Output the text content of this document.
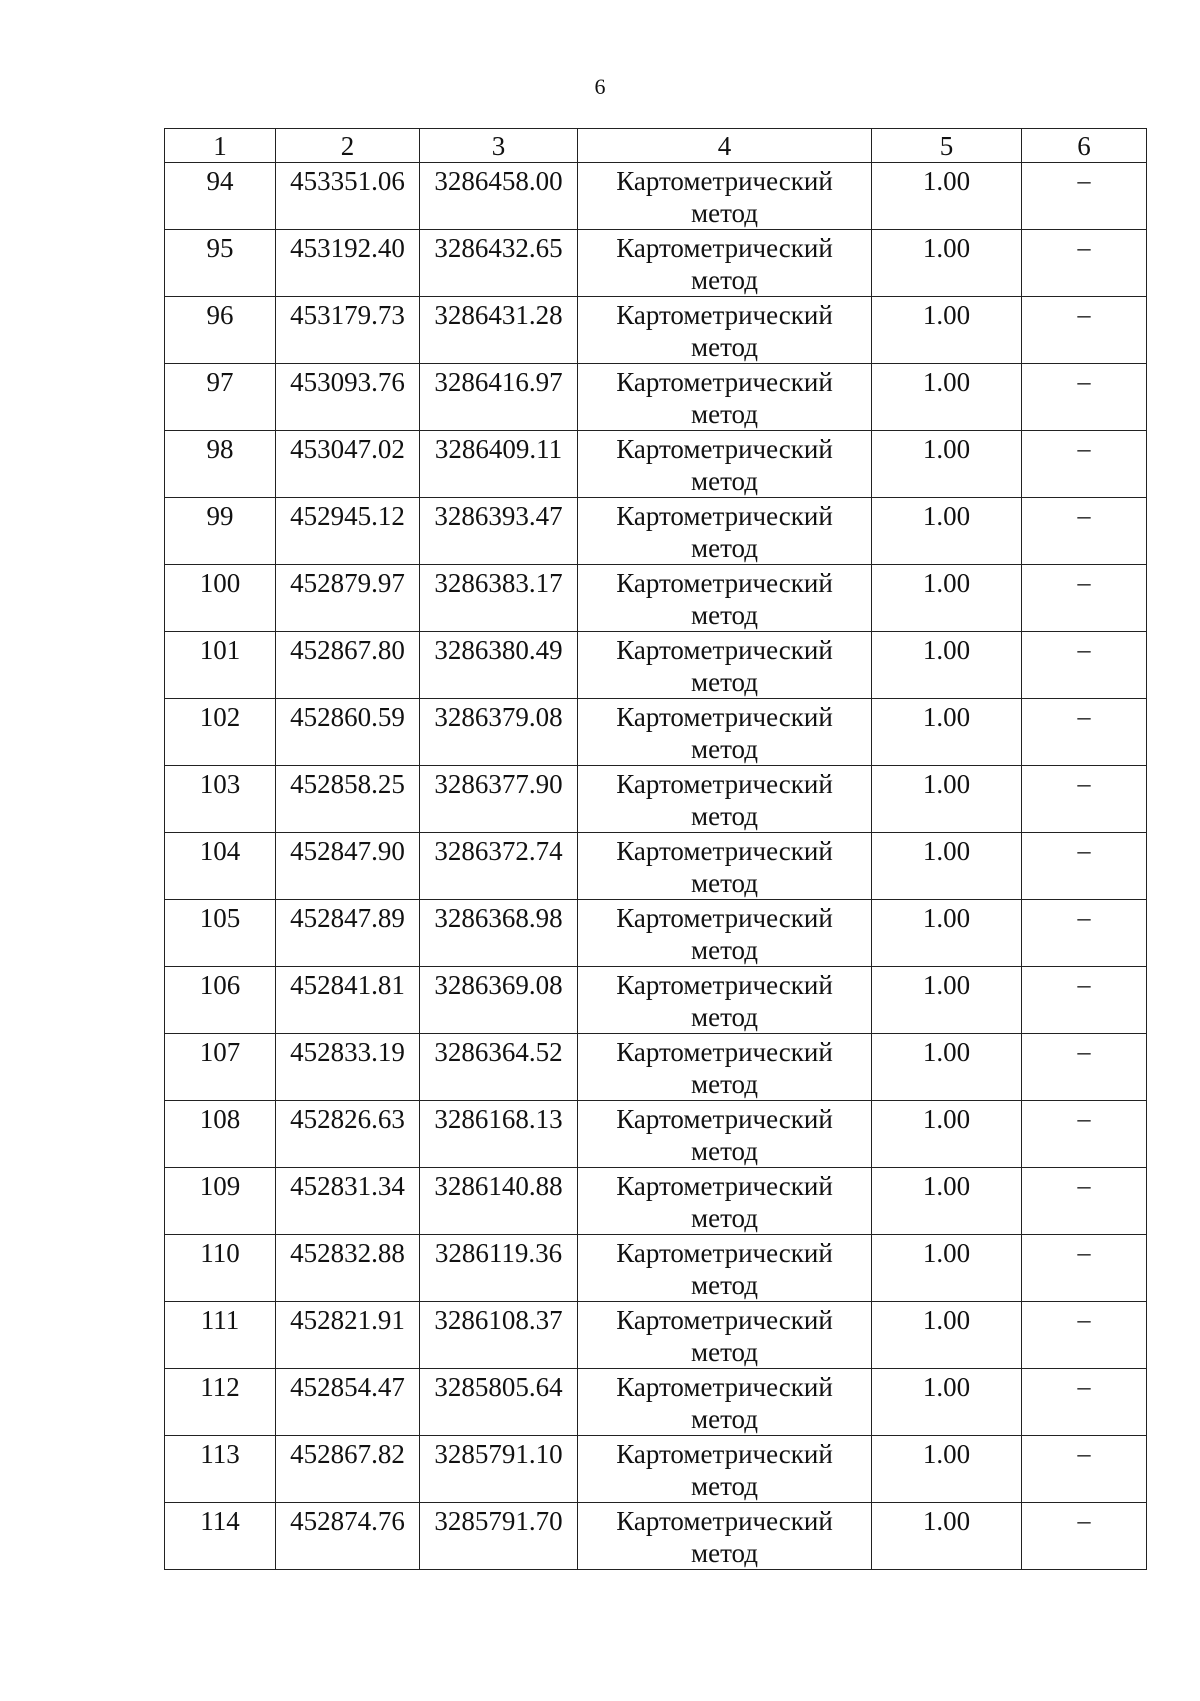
6
1	2	3	4	5	6
94	453351.06	3286458.00	Картометрический метод	1.00	–
95	453192.40	3286432.65	Картометрический метод	1.00	–
96	453179.73	3286431.28	Картометрический метод	1.00	–
97	453093.76	3286416.97	Картометрический метод	1.00	–
98	453047.02	3286409.11	Картометрический метод	1.00	–
99	452945.12	3286393.47	Картометрический метод	1.00	–
100	452879.97	3286383.17	Картометрический метод	1.00	–
101	452867.80	3286380.49	Картометрический метод	1.00	–
102	452860.59	3286379.08	Картометрический метод	1.00	–
103	452858.25	3286377.90	Картометрический метод	1.00	–
104	452847.90	3286372.74	Картометрический метод	1.00	–
105	452847.89	3286368.98	Картометрический метод	1.00	–
106	452841.81	3286369.08	Картометрический метод	1.00	–
107	452833.19	3286364.52	Картометрический метод	1.00	–
108	452826.63	3286168.13	Картометрический метод	1.00	–
109	452831.34	3286140.88	Картометрический метод	1.00	–
110	452832.88	3286119.36	Картометрический метод	1.00	–
111	452821.91	3286108.37	Картометрический метод	1.00	–
112	452854.47	3285805.64	Картометрический метод	1.00	–
113	452867.82	3285791.10	Картометрический метод	1.00	–
114	452874.76	3285791.70	Картометрический метод	1.00	–
